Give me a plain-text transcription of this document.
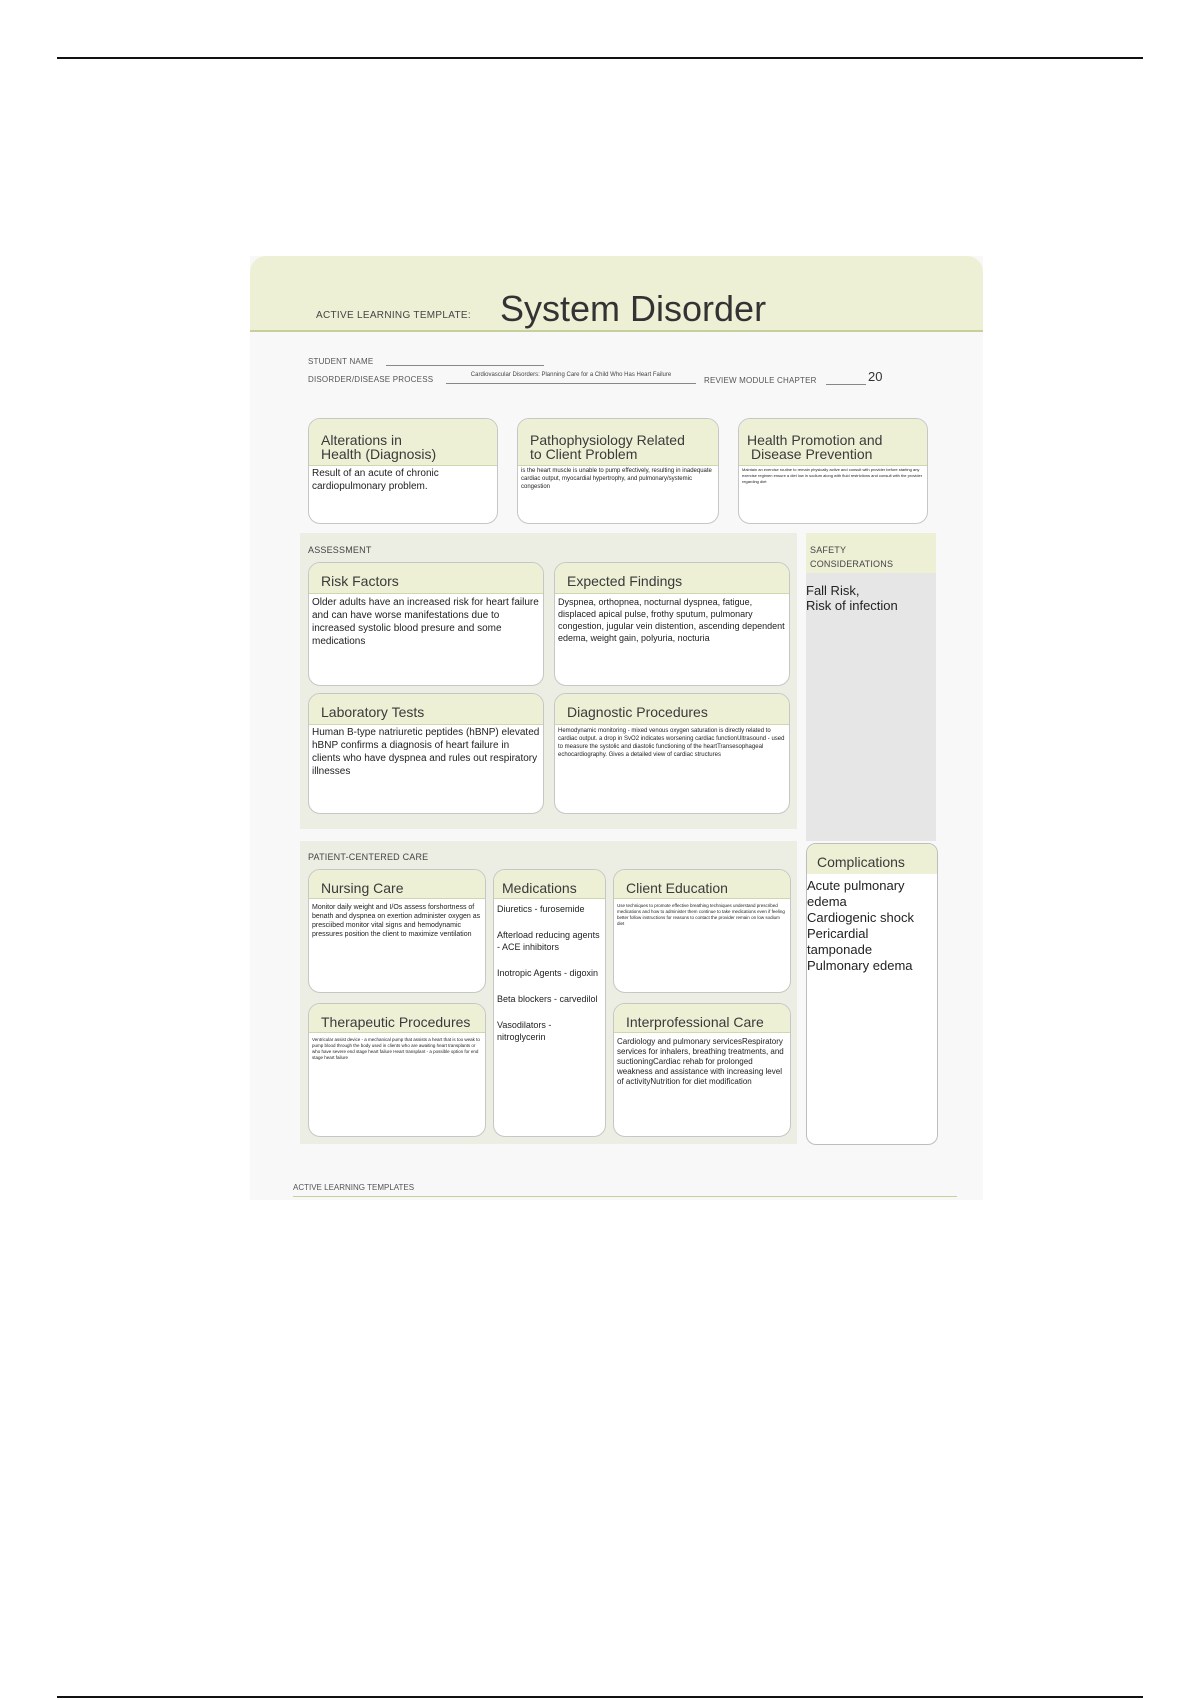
ACTIVE LEARNING TEMPLATE: System Disorder
STUDENT NAME
DISORDER/DISEASE PROCESS	Cardiovascular Disorders: Planning Care for a Child Who Has Heart Failure
REVIEW MODULE CHAPTER	20
Alterations in
Health (Diagnosis)
Result of an acute of chronic cardiopulmonary problem.
Pathophysiology Related
to Client Problem
is the heart muscle is unable to pump effectively, resulting in inadequate cardiac output, myocardial hypertrophy, and pulmonary/systemic congestion
Health Promotion and
Disease Prevention
Maintain an exercise routine to remain physically active and consult with provider before starting any exercise regimen ensure a diet low in sodium along with fluid restrictions and consult with the provider regarding diet
ASSESSMENT
Risk Factors
Older adults have an increased risk for heart failure and can have worse manifestations due to increased systolic blood presure and some medications
Expected Findings
Dyspnea, orthopnea, nocturnal dyspnea, fatigue, displaced apical pulse, frothy sputum, pulmonary congestion, jugular vein distention, ascending dependent edema, weight gain, polyuria, nocturia
Laboratory Tests
Human B-type natriuretic peptides (hBNP) elevated hBNP confirms a diagnosis of heart failure in clients who have dyspnea and rules out respiratory illnesses
Diagnostic Procedures
Hemodynamic monitoring - mixed venous oxygen saturation is directly related to cardiac output. a drop in SvO2 indicates worsening cardiac functionUltrasound - used to measure the systolic and diastolic functioning of the heartTransesophageal echocardiography. Gives a detailed view of cardiac structures
SAFETY
CONSIDERATIONS
Fall Risk,
Risk of infection
PATIENT-CENTERED CARE
Nursing Care
Monitor daily weight and I/Os assess forshortness of benath and dyspnea on exertion administer oxygen as presciibed monitor vital signs and hemodynamic pressures position the client to maximize ventilation
Medications
Diuretics - furosemide
Afterload reducing agents - ACE inhibitors
Inotropic Agents - digoxin
Beta blockers - carvedilol
Vasodilators - nitroglycerin
Client Education
Use techniques to promote effective breathing techniques understand prescribed medications and how to administer them continue to take medications even if feeling better follow instructions for reasons to contact the provider remain on low sodium diet
Therapeutic Procedures
Ventricular assist device - a mechanical pump that assists a heart that is too weak to pump blood through the body used in clients who are awaiting heart transplants or who have severe end stage heart failure Heart transplant - a possible option for end stage heart failure
Interprofessional Care
Cardiology and pulmonary servicesRespiratory services for inhalers, breathing treatments, and suctioningCardiac rehab for prolonged weakness and assistance with increasing level of activityNutrition for diet modification
Complications
Acute pulmonary edema
Cardiogenic shock
Pericardial tamponade
Pulmonary edema
ACTIVE LEARNING TEMPLATES
